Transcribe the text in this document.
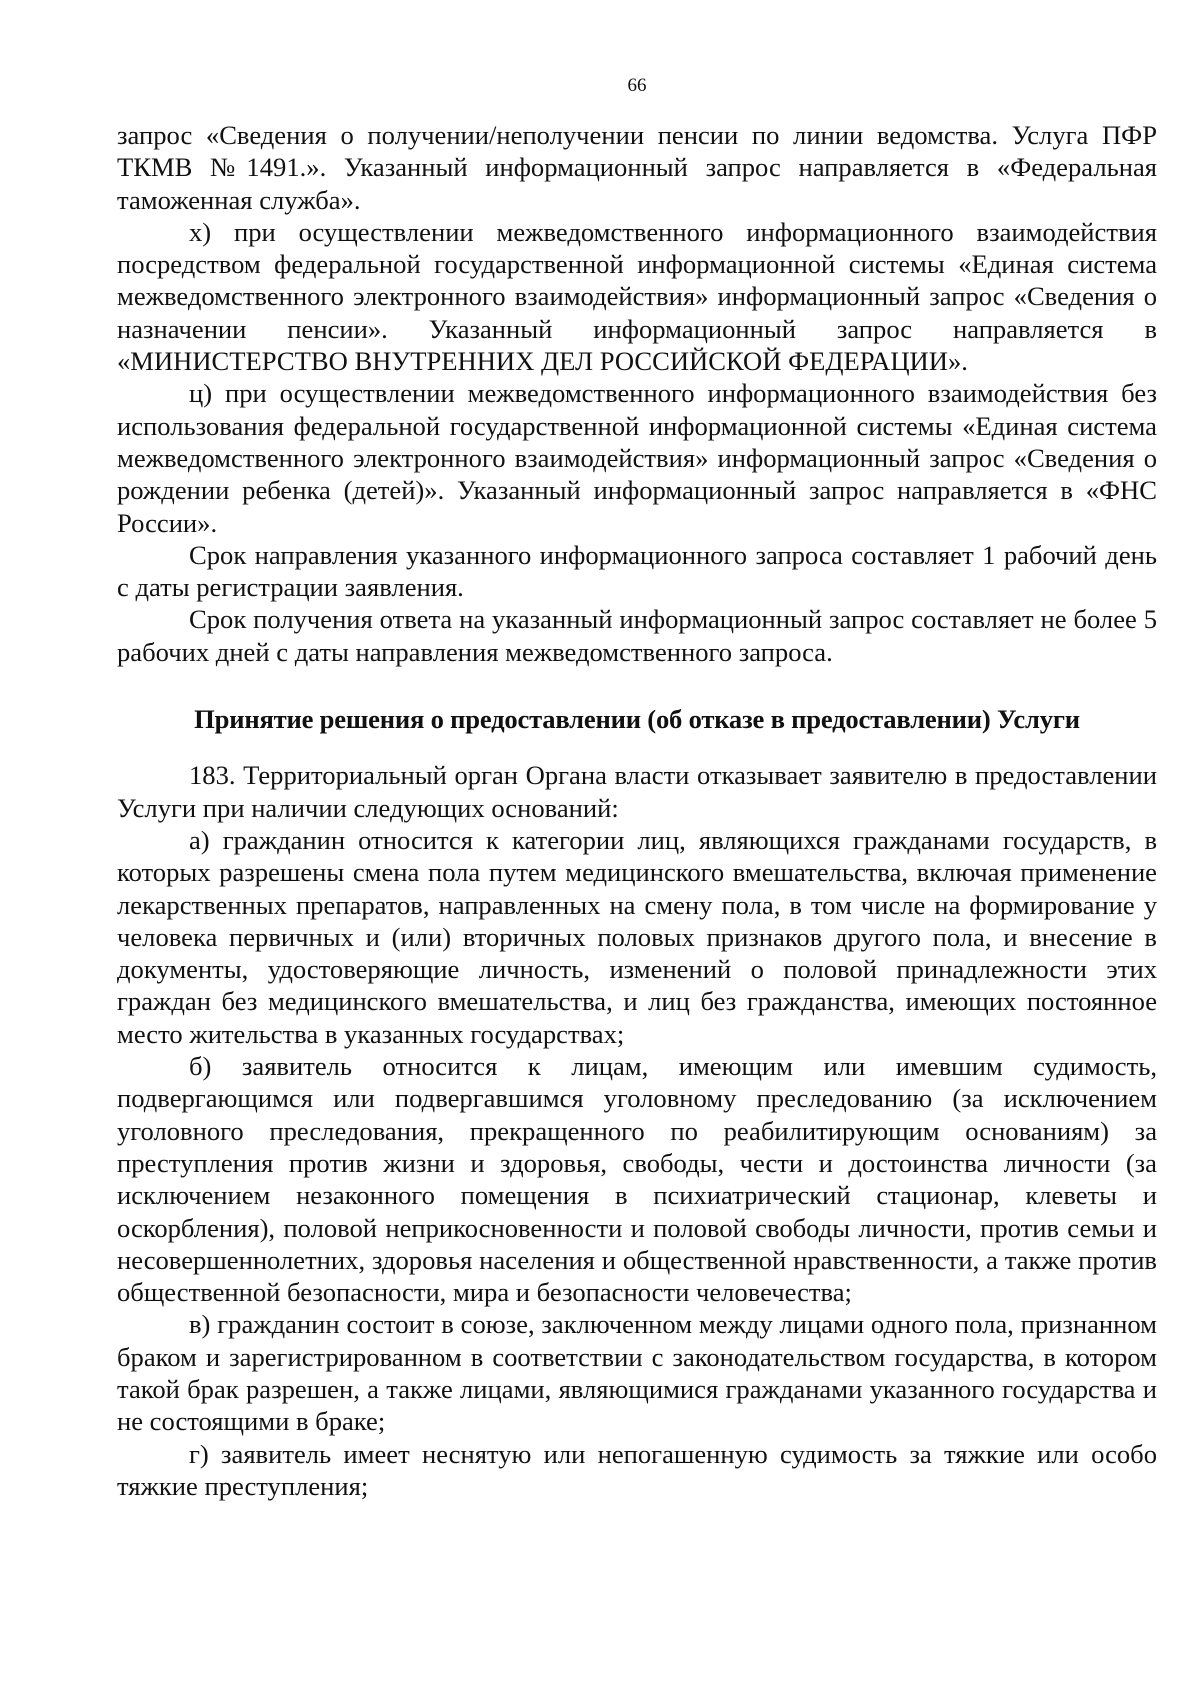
66

запрос «Сведения о получении/неполучении пенсии по линии ведомства. Услуга ПФР ТКМВ №1491.». Указанный информационный запрос направляется в «Федеральная таможенная служба».

х) при осуществлении межведомственного информационного взаимодействия посредством федеральной государственной информационной системы «Единая система межведомственного электронного взаимодействия» информационный запрос «Сведения о назначении пенсии». Указанный информационный запрос направляется в «МИНИСТЕРСТВО ВНУТРЕННИХ ДЕЛ РОССИЙСКОЙ ФЕДЕРАЦИИ».

ц) при осуществлении межведомственного информационного взаимодействия без использования федеральной государственной информационной системы «Единая система межведомственного электронного взаимодействия» информационный запрос «Сведения о рождении ребенка (детей)». Указанный информационный запрос направляется в «ФНС России».

Срок направления указанного информационного запроса составляет 1 рабочий день с даты регистрации заявления.

Срок получения ответа на указанный информационный запрос составляет не более 5 рабочих дней с даты направления межведомственного запроса.

Принятие решения о предоставлении (об отказе в предоставлении) Услуги

183. Территориальный орган Органа власти отказывает заявителю в предоставлении Услуги при наличии следующих оснований:

а) гражданин относится к категории лиц, являющихся гражданами государств, в которых разрешены смена пола путем медицинского вмешательства, включая применение лекарственных препаратов, направленных на смену пола, в том числе на формирование у человека первичных и (или) вторичных половых признаков другого пола, и внесение в документы, удостоверяющие личность, изменений о половой принадлежности этих граждан без медицинского вмешательства, и лиц без гражданства, имеющих постоянное место жительства в указанных государствах;

б) заявитель относится к лицам, имеющим или имевшим судимость, подвергающимся или подвергавшимся уголовному преследованию (за исключением уголовного преследования, прекращенного по реабилитирующим основаниям) за преступления против жизни и здоровья, свободы, чести и достоинства личности (за исключением незаконного помещения в психиатрический стационар, клеветы и оскорбления), половой неприкосновенности и половой свободы личности, против семьи и несовершеннолетних, здоровья населения и общественной нравственности, а также против общественной безопасности, мира и безопасности человечества;

в) гражданин состоит в союзе, заключенном между лицами одного пола, признанном браком и зарегистрированном в соответствии с законодательством государства, в котором такой брак разрешен, а также лицами, являющимися гражданами указанного государства и не состоящими в браке;

г) заявитель имеет неснятую или непогашенную судимость за тяжкие или особо тяжкие преступления;
